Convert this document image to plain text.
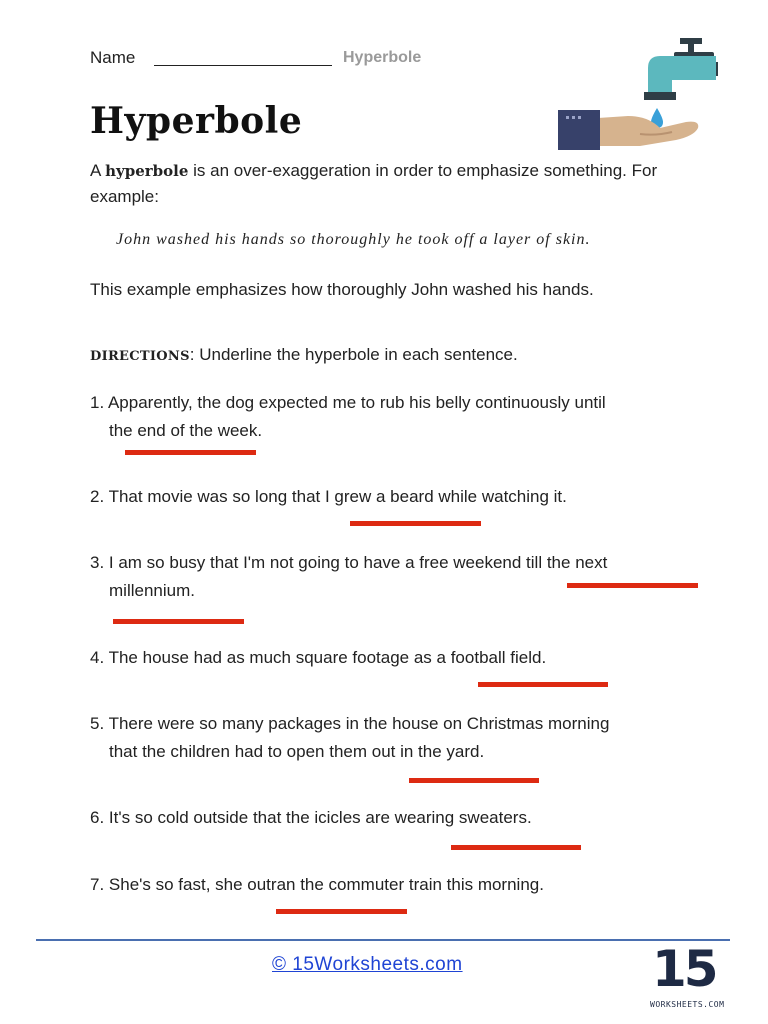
Name	Hyperbole
Hyperbole
A hyperbole is an over-exaggeration in order to emphasize something. For example:
John washed his hands so thoroughly he took off a layer of skin.
This example emphasizes how thoroughly John washed his hands.
DIRECTIONS: Underline the hyperbole in each sentence.
1. Apparently, the dog expected me to rub his belly continuously until
the end of the week.
2. That movie was so long that I grew a beard while watching it.
3. I am so busy that I'm not going to have a free weekend till the next
millennium.
4. The house had as much square footage as a football field.
5. There were so many packages in the house on Christmas morning
that the children had to open them out in the yard.
6. It's so cold outside that the icicles are wearing sweaters.
7. She's so fast, she outran the commuter train this morning.
© 15Worksheets.com	15
WORKSHEETS.COM
